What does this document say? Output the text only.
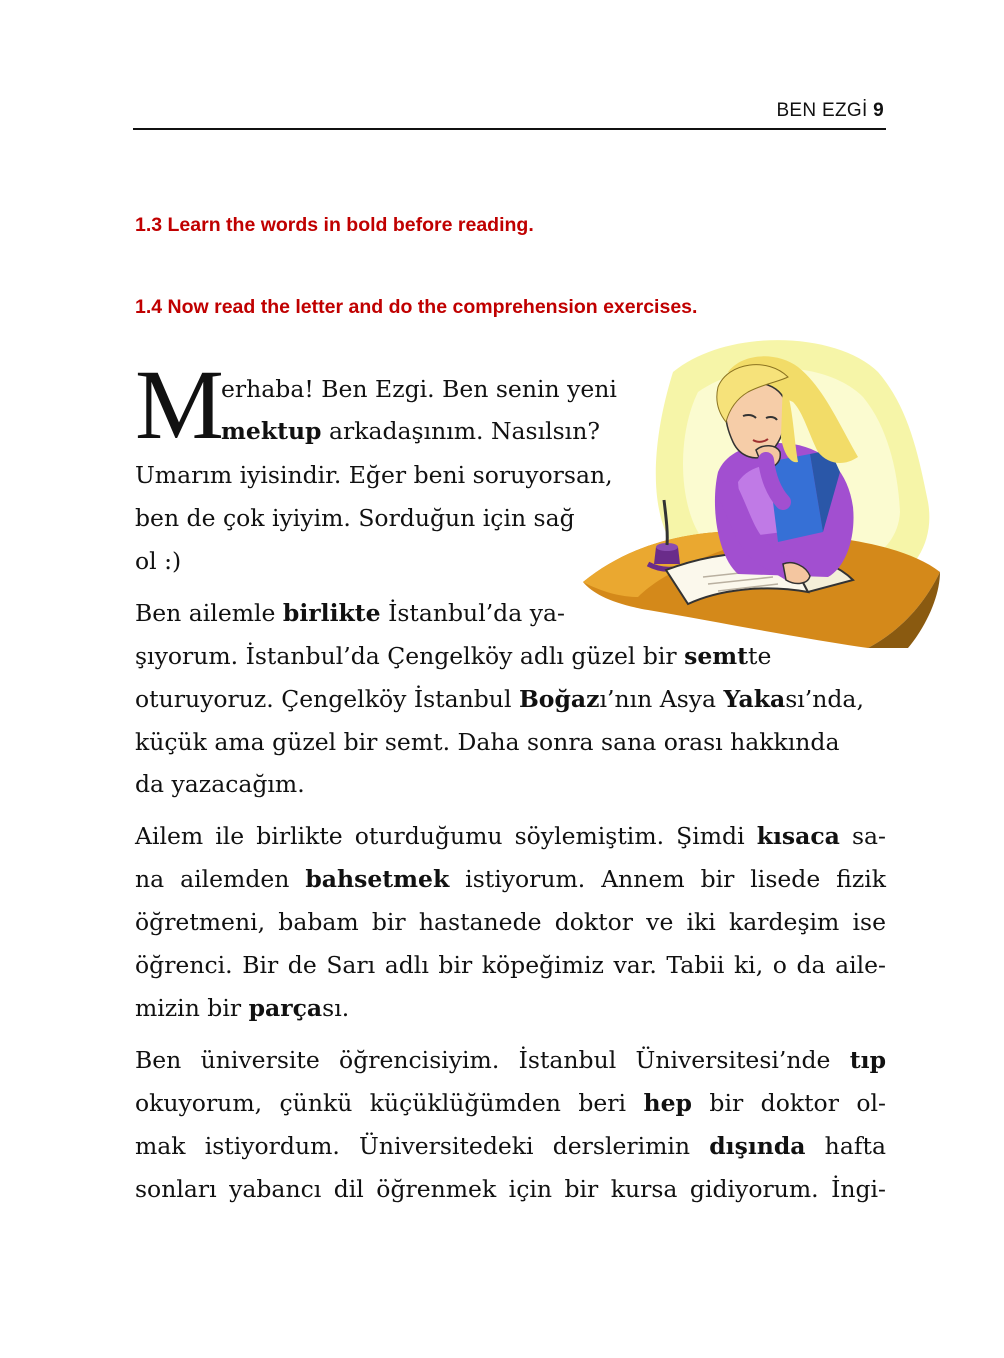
BEN EZGİ 9
1.3 Learn the words in bold before reading.
1.4 Now read the letter and do the comprehension exercises.
M
erhaba! Ben Ezgi. Ben senin yeni
mektup arkadaşınım. Nasılsın?
Umarım iyisindir. Eğer beni soruyorsan,
ben de çok iyiyim. Sorduğun için sağ
ol :)
Ben ailemle birlikte İstanbul’da ya-
şıyorum. İstanbul’da Çengelköy adlı güzel bir semtte
oturuyoruz. Çengelköy İstanbul Boğazı’nın Asya Yakası’nda,
küçük ama güzel bir semt. Daha sonra sana orası hakkında
da yazacağım.
Ailem ile birlikte oturduğumu söylemiştim. Şimdi kısaca sa-
na ailemden bahsetmek istiyorum. Annem bir lisede fizik
öğretmeni, babam bir hastanede doktor ve iki kardeşim ise
öğrenci. Bir de Sarı adlı bir köpeğimiz var. Tabii ki, o da aile-
mizin bir parçası.
Ben üniversite öğrencisiyim. İstanbul Üniversitesi’nde tıp
okuyorum, çünkü küçüklüğümden beri hep bir doktor ol-
mak istiyordum. Üniversitedeki derslerimin dışında hafta
sonları yabancı dil öğrenmek için bir kursa gidiyorum. İngi-
